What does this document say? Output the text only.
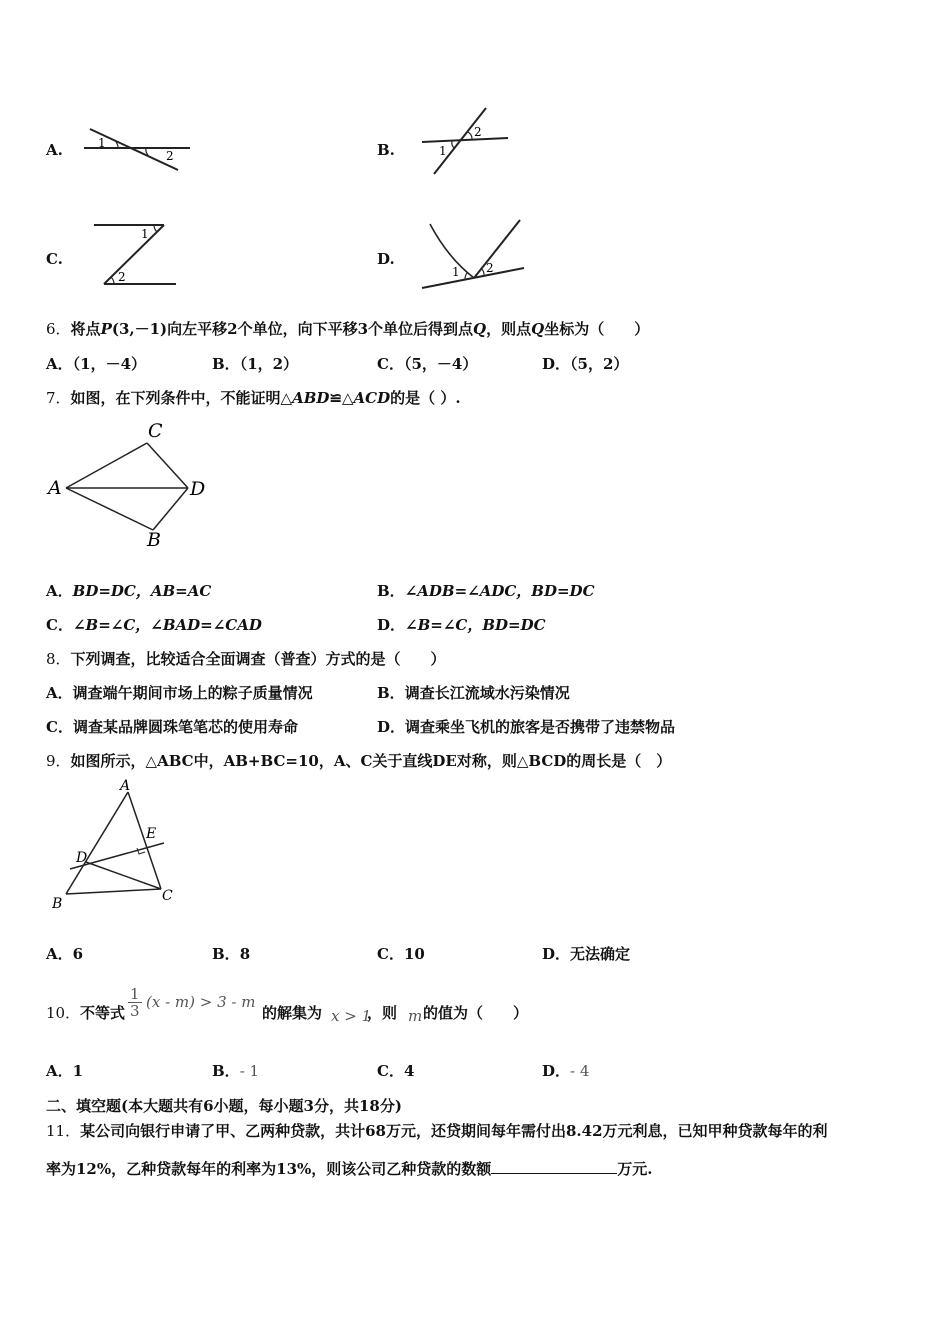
A.	1
2	B.
2
1
C.
1
2
D.	2
1
6．将点P(3,－1)向左平移2个单位，向下平移3个单位后得到点Q，则点Q坐标为（　　）
A．（1，－4）	B．（1，2）	C．（5，－4）	D．（5，2）
7．如图，在下列条件中，不能证明△ABD≌△ACD的是（ ）.
A
C
D
B
A．BD=DC，AB=AC	B．∠ADB=∠ADC，BD=DC
C．∠B=∠C，∠BAD=∠CAD	D．∠B=∠C，BD=DC
8．下列调查，比较适合全面调查（普查）方式的是（　　）
A．调查端午期间市场上的粽子质量情况	B．调查长江流域水污染情况
C．调查某品牌圆珠笔笔芯的使用寿命	D．调查乘坐飞机的旅客是否携带了违禁物品
9．如图所示，△ABC中，AB+BC=10，A、C关于直线DE对称，则△BCD的周长是（　）
A
E
D
B	C
A．6	B．8	C．10	D．无法确定
10． 不等式 $\frac{1}{3} (x - m) > 3 - m$
的解集为 x > 1
，则 m 的值为（　　）
A．1	B．- 1	C．4	D．- 4
二、填空题(本大题共有6小题，每小题3分，共18分)
11．某公司向银行申请了甲、乙两种贷款，共计68万元，还贷期间每年需付出8.42万元利息，已知甲种贷款每年的利
率为12%，乙种贷款每年的利率为13%，则该公司乙种贷款的数额	万元.
